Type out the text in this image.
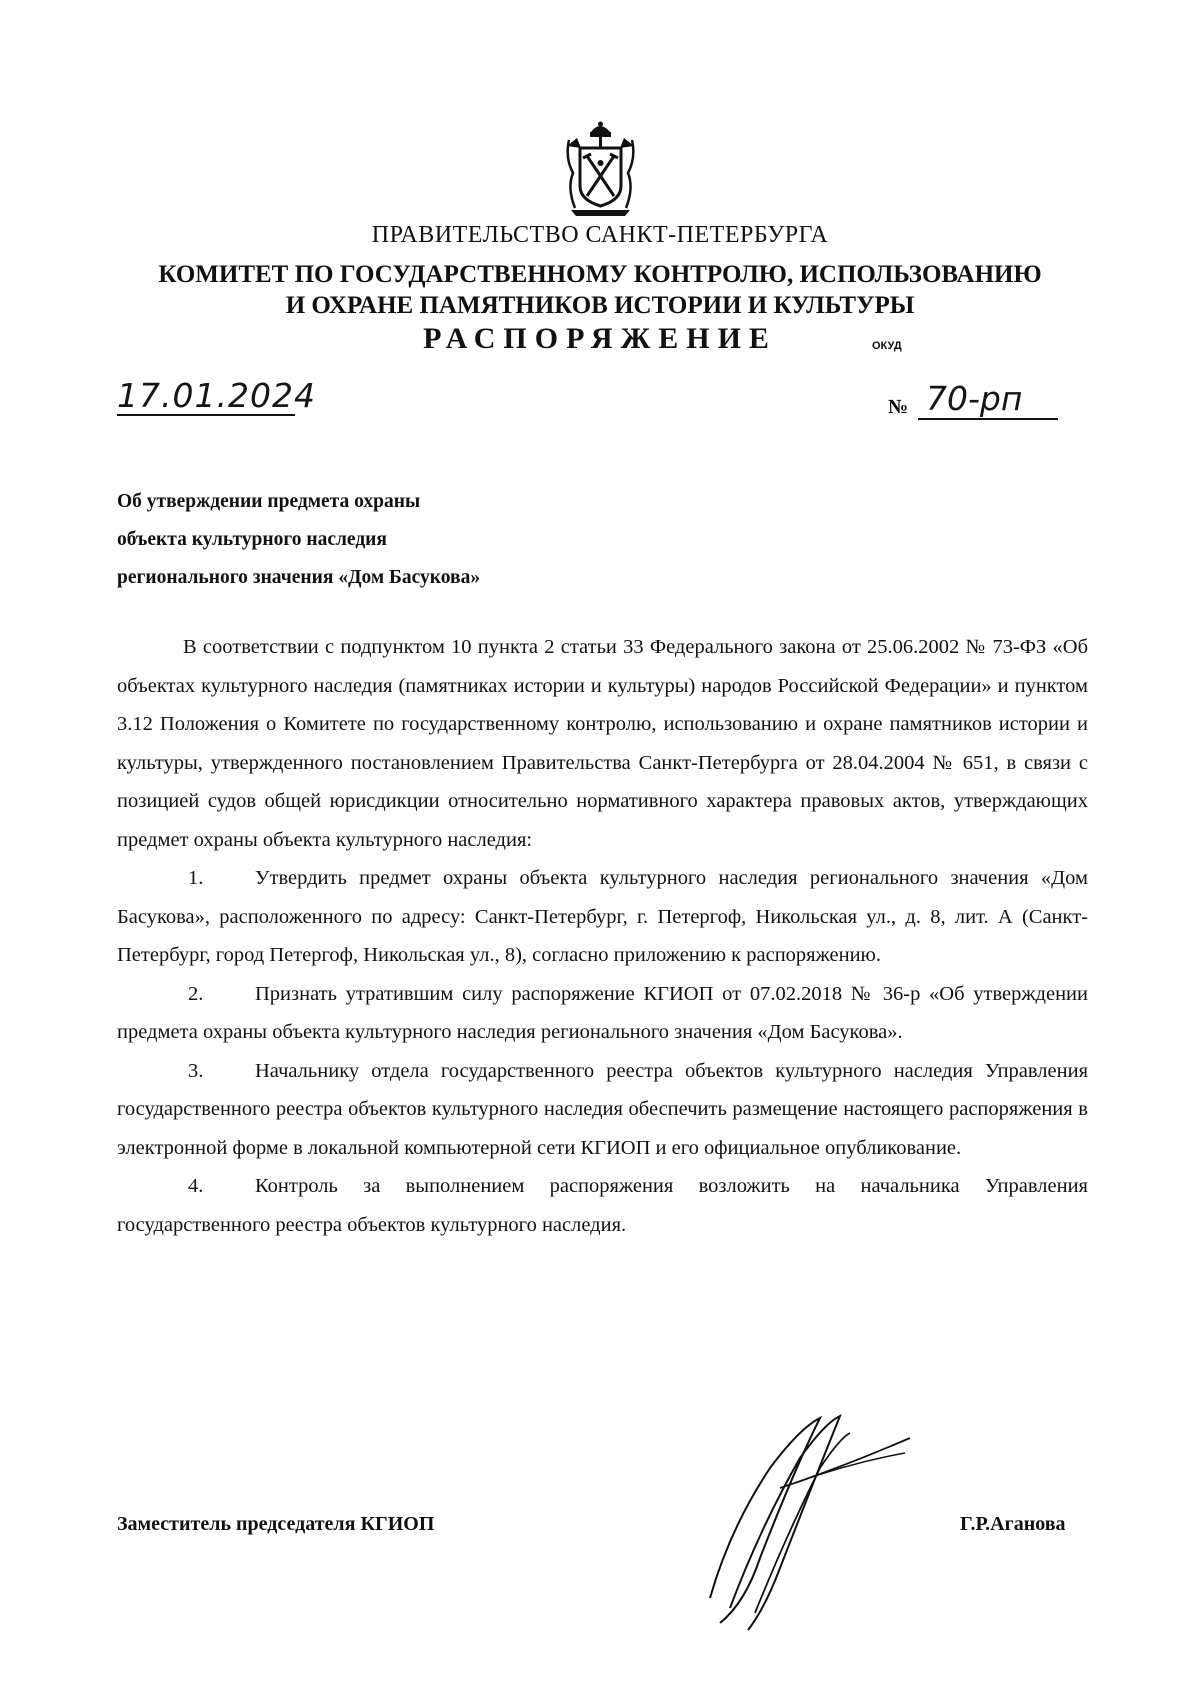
ПРАВИТЕЛЬСТВО САНКТ-ПЕТЕРБУРГА
КОМИТЕТ ПО ГОСУДАРСТВЕННОМУ КОНТРОЛЮ, ИСПОЛЬЗОВАНИЮ
И ОХРАНЕ ПАМЯТНИКОВ ИСТОРИИ И КУЛЬТУРЫ
РАСПОРЯЖЕНИЕ	ОКУД
17.01.2024	№ 70-рп
Об утверждении предмета охраны
объекта культурного наследия
регионального значения «Дом Басукова»

В соответствии с подпунктом 10 пункта 2 статьи 33 Федерального закона от 25.06.2002 № 73-ФЗ «Об объектах культурного наследия (памятниках истории и культуры) народов Российской Федерации» и пунктом 3.12 Положения о Комитете по государственному контролю, использованию и охране памятников истории и культуры, утвержденного постановлением Правительства Санкт-Петербурга от 28.04.2004 № 651, в связи с позицией судов общей юрисдикции относительно нормативного характера правовых актов, утверждающих предмет охраны объекта культурного наследия:

1.	Утвердить предмет охраны объекта культурного наследия регионального значения «Дом Басукова», расположенного по адресу: Санкт-Петербург, г. Петергоф, Никольская ул., д. 8, лит. А (Санкт-Петербург, город Петергоф, Никольская ул., 8), согласно приложению к распоряжению.

2.	Признать утратившим силу распоряжение КГИОП от 07.02.2018 № 36-р «Об утверждении предмета охраны объекта культурного наследия регионального значения «Дом Басукова».

3.	Начальнику отдела государственного реестра объектов культурного наследия Управления государственного реестра объектов культурного наследия обеспечить размещение настоящего распоряжения в электронной форме в локальной компьютерной сети КГИОП и его официальное опубликование.

4.	Контроль за выполнением распоряжения возложить на начальника Управления государственного реестра объектов культурного наследия.

Заместитель председателя КГИОП	Г.Р.Аганова
